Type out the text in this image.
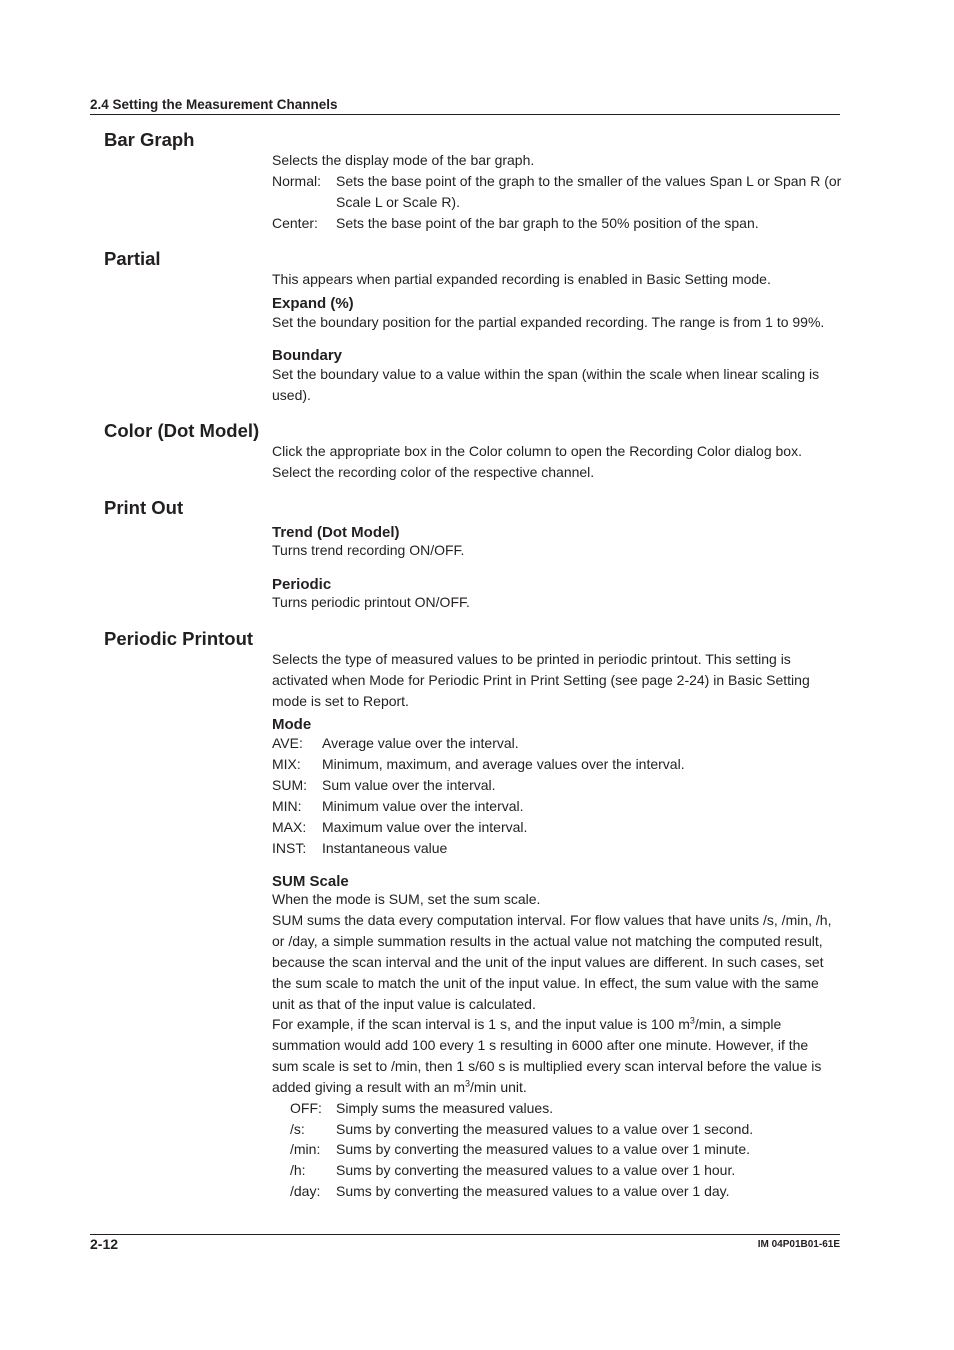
2.4 Setting the Measurement Channels
Bar Graph
Selects the display mode of the bar graph.
Normal: Sets the base point of the graph to the smaller of the values Span L or Span R (or
Scale L or Scale R).
Center: Sets the base point of the bar graph to the 50% position of the span.
Partial
This appears when partial expanded recording is enabled in Basic Setting mode.
Expand (%)
Set the boundary position for the partial expanded recording. The range is from 1 to 99%.
Boundary
Set the boundary value to a value within the span (within the scale when linear scaling is
used).
Color (Dot Model)
Click the appropriate box in the Color column to open the Recording Color dialog box.
Select the recording color of the respective channel.
Print Out
Trend (Dot Model)
Turns trend recording ON/OFF.
Periodic
Turns periodic printout ON/OFF.
Periodic Printout
Selects the type of measured values to be printed in periodic printout. This setting is
activated when Mode for Periodic Print in Print Setting (see page 2-24) in Basic Setting
mode is set to Report.
Mode
AVE: Average value over the interval.
MIX: Minimum, maximum, and average values over the interval.
SUM: Sum value over the interval.
MIN: Minimum value over the interval.
MAX: Maximum value over the interval.
INST: Instantaneous value
SUM Scale
When the mode is SUM, set the sum scale.
SUM sums the data every computation interval. For flow values that have units /s, /min, /h,
or /day, a simple summation results in the actual value not matching the computed result,
because the scan interval and the unit of the input values are different. In such cases, set
the sum scale to match the unit of the input value. In effect, the sum value with the same
unit as that of the input value is calculated.
For example, if the scan interval is 1 s, and the input value is 100 $m^3/\min$, a simple
summation would add 100 every 1 s resulting in 6000 after one minute. However, if the
sum scale is set to /min, then 1 s/60 s is multiplied every scan interval before the value is
added giving a result with an $m^3/\min$ unit.
OFF: Simply sums the measured values.
/s: Sums by converting the measured values to a value over 1 second.
/min: Sums by converting the measured values to a value over 1 minute.
/h: Sums by converting the measured values to a value over 1 hour.
/day: Sums by converting the measured values to a value over 1 day.
2-12	IM 04P01B01-61E
